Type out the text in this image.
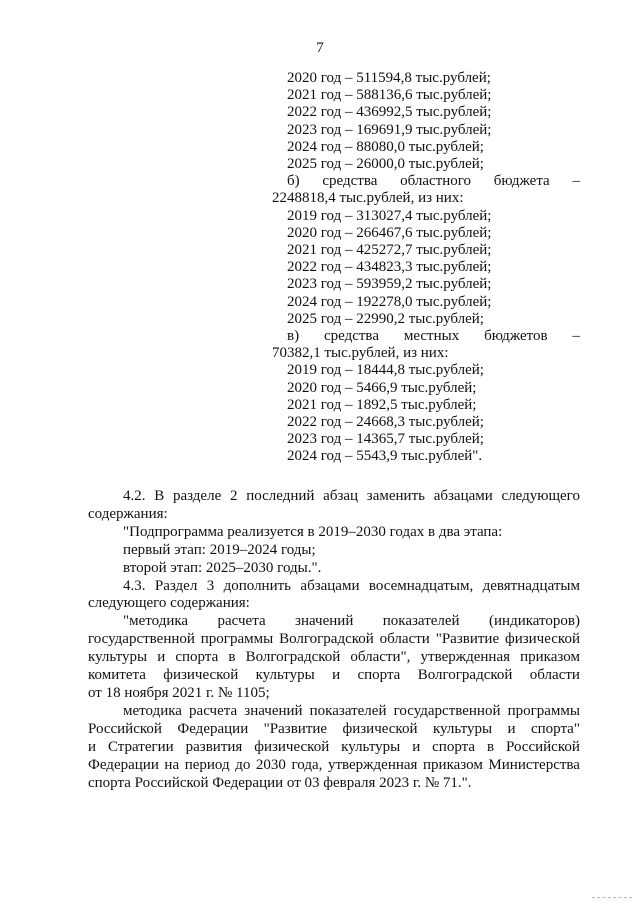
7
2020 год – 511594,8 тыс.рублей;
2021 год – 588136,6 тыс.рублей;
2022 год – 436992,5 тыс.рублей;
2023 год – 169691,9 тыс.рублей;
2024 год – 88080,0 тыс.рублей;
2025 год – 26000,0 тыс.рублей;
б) средства областного бюджета –
2248818,4 тыс.рублей, из них:
2019 год – 313027,4 тыс.рублей;
2020 год – 266467,6 тыс.рублей;
2021 год – 425272,7 тыс.рублей;
2022 год – 434823,3 тыс.рублей;
2023 год – 593959,2 тыс.рублей;
2024 год – 192278,0 тыс.рублей;
2025 год – 22990,2 тыс.рублей;
в) средства местных бюджетов –
70382,1 тыс.рублей, из них:
2019 год – 18444,8 тыс.рублей;
2020 год – 5466,9 тыс.рублей;
2021 год – 1892,5 тыс.рублей;
2022 год – 24668,3 тыс.рублей;
2023 год – 14365,7 тыс.рублей;
2024 год – 5543,9 тыс.рублей".
4.2. В разделе 2 последний абзац заменить абзацами следующего
содержания:
"Подпрограмма реализуется в 2019–2030 годах в два этапа:
первый этап: 2019–2024 годы;
второй этап: 2025–2030 годы.".
4.3. Раздел 3 дополнить абзацами восемнадцатым, девятнадцатым
следующего содержания:
"методика расчета значений показателей (индикаторов)
государственной программы Волгоградской области "Развитие физической
культуры и спорта в Волгоградской области", утвержденная приказом
комитета физической культуры и спорта Волгоградской области
от 18 ноября 2021 г. № 1105;
методика расчета значений показателей государственной программы
Российской Федерации "Развитие физической культуры и спорта"
и Стратегии развития физической культуры и спорта в Российской
Федерации на период до 2030 года, утвержденная приказом Министерства
спорта Российской Федерации от 03 февраля 2023 г. № 71.".
